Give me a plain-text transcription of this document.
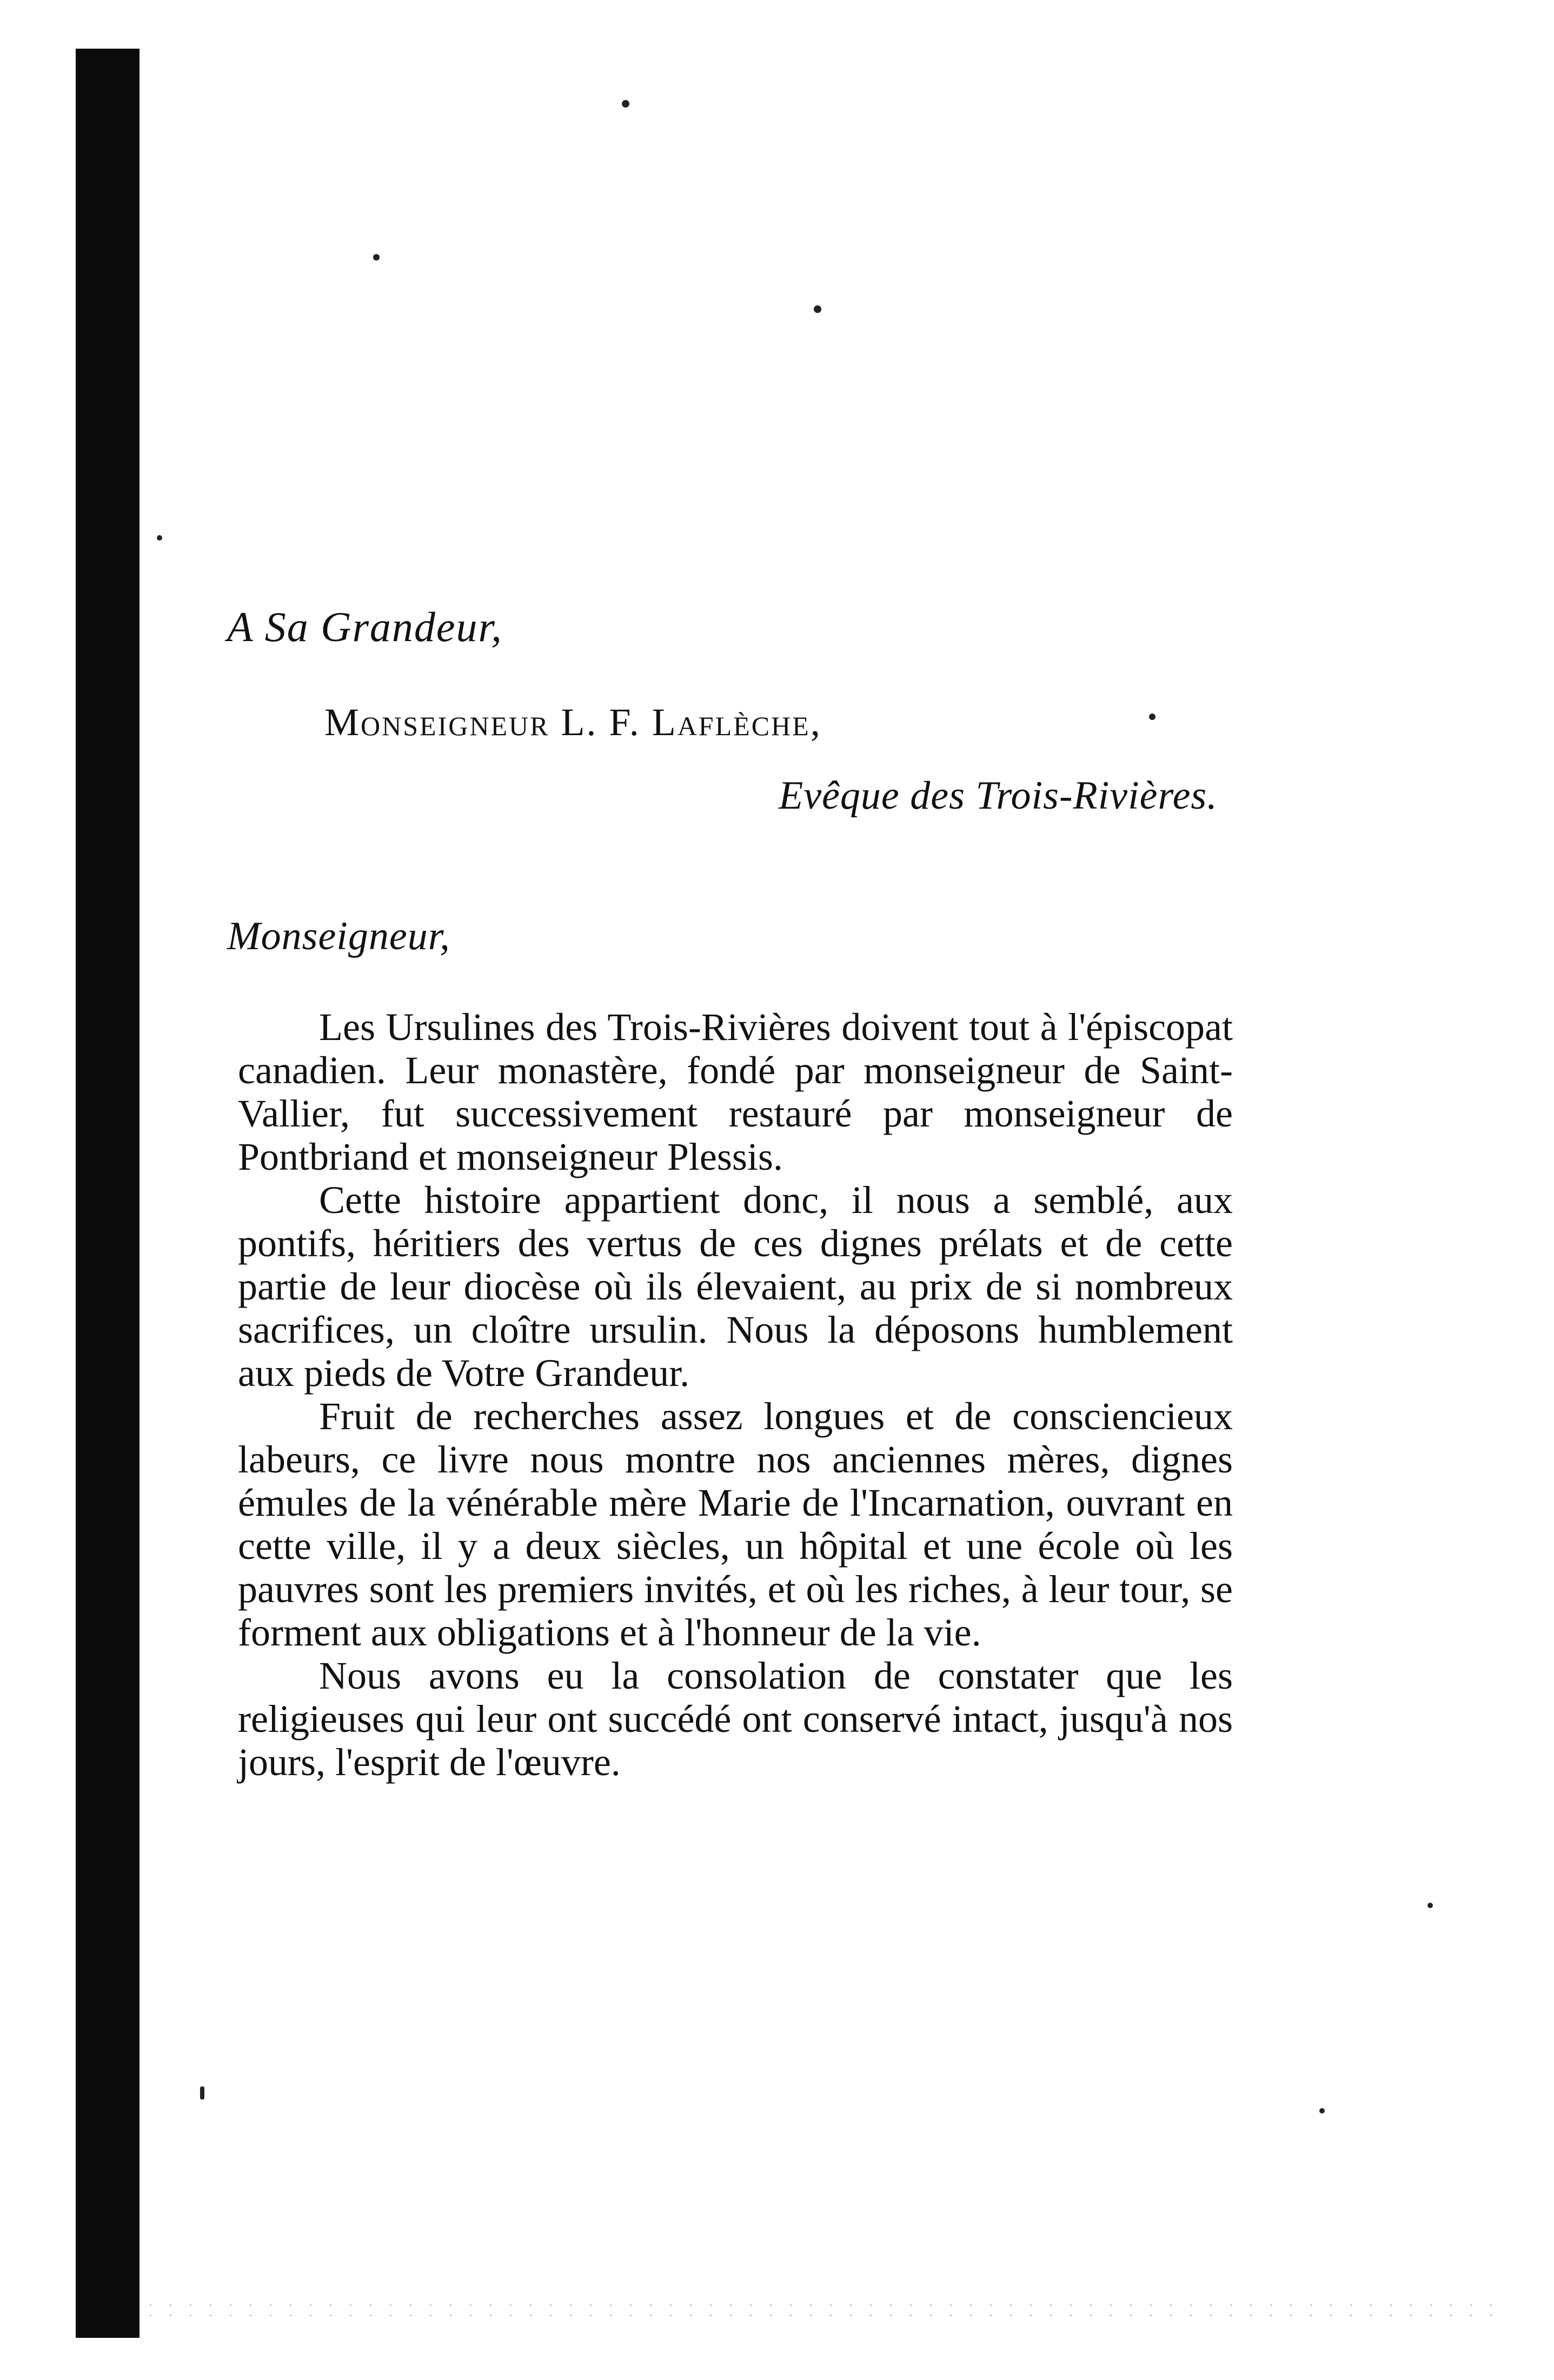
A Sa Grandeur,
Monseigneur L. F. Laflèche,
Evêque des Trois-Rivières.
Monseigneur,

Les Ursulines des Trois-Rivières doivent tout à l'épiscopat canadien. Leur monastère, fondé par monseigneur de Saint-Vallier, fut successivement restauré par monseigneur de Pontbriand et monseigneur Plessis.

Cette histoire appartient donc, il nous a semblé, aux pontifs, héritiers des vertus de ces dignes prélats et de cette partie de leur diocèse où ils élevaient, au prix de si nombreux sacrifices, un cloître ursulin. Nous la déposons humblement aux pieds de Votre Grandeur.

Fruit de recherches assez longues et de consciencieux labeurs, ce livre nous montre nos anciennes mères, dignes émules de la vénérable mère Marie de l'Incarnation, ouvrant en cette ville, il y a deux siècles, un hôpital et une école où les pauvres sont les premiers invités, et où les riches, à leur tour, se forment aux obligations et à l'honneur de la vie.

Nous avons eu la consolation de constater que les religieuses qui leur ont succédé ont conservé intact, jusqu'à nos jours, l'esprit de l'œuvre.
